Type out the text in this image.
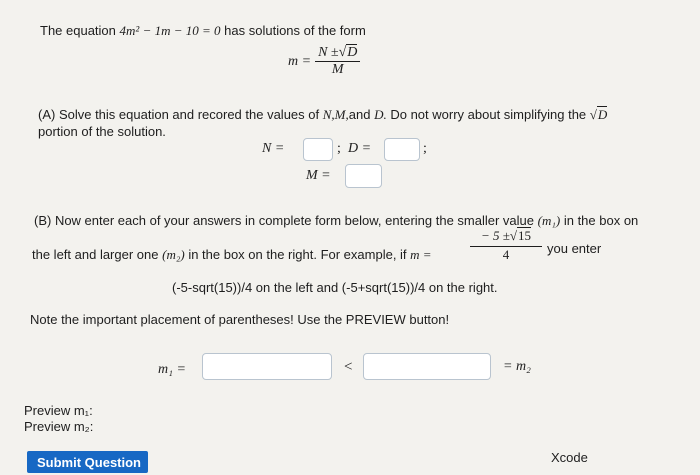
The equation 4m² − 1m − 10 = 0 has solutions of the form
$m = \frac{N \pm√D}{M}$
(A) Solve this equation and recored the values of N,M,and D. Do not worry about simplifying the √D
portion of the solution.
N =	; D =	;
M =
(B) Now enter each of your answers in complete form below, entering the smaller value (m₁) in the box on
the left and larger one (m₂) in the box on the right. For example, if m =	$\frac{- 5 \pm√15}{4}$ you enter
(-5-sqrt(15))/4 on the left and (-5+sqrt(15))/4 on the right.
Note the important placement of parentheses! Use the PREVIEW button!
m₁ =	<	= m₂
Preview m₁:
Preview m₂:
Submit Question	Xcode
